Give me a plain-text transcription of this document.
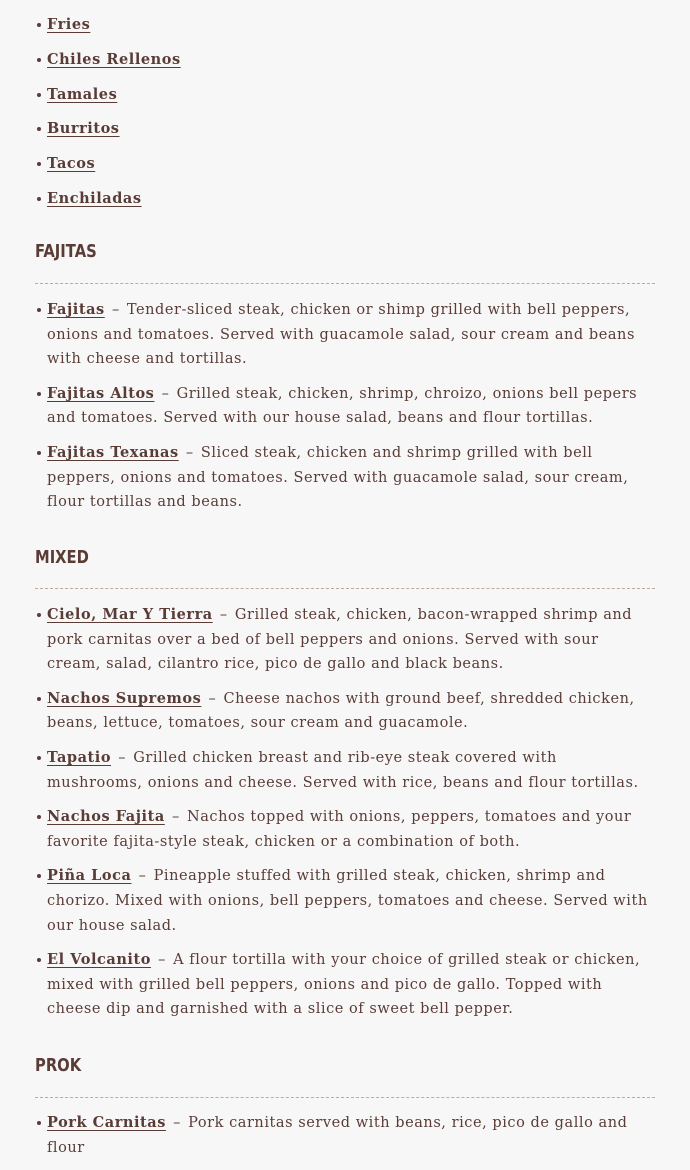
Fries
Chiles Rellenos
Tamales
Burritos
Tacos
Enchiladas
FAJITAS
Fajitas – Tender-sliced steak, chicken or shimp grilled with bell peppers, onions and tomatoes. Served with guacamole salad, sour cream and beans with cheese and tortillas.
Fajitas Altos – Grilled steak, chicken, shrimp, chroizo, onions bell pepers and tomatoes. Served with our house salad, beans and flour tortillas.
Fajitas Texanas – Sliced steak, chicken and shrimp grilled with bell peppers, onions and tomatoes. Served with guacamole salad, sour cream, flour tortillas and beans.
MIXED
Cielo, Mar Y Tierra – Grilled steak, chicken, bacon-wrapped shrimp and pork carnitas over a bed of bell peppers and onions. Served with sour cream, salad, cilantro rice, pico de gallo and black beans.
Nachos Supremos – Cheese nachos with ground beef, shredded chicken, beans, lettuce, tomatoes, sour cream and guacamole.
Tapatio – Grilled chicken breast and rib-eye steak covered with mushrooms, onions and cheese. Served with rice, beans and flour tortillas.
Nachos Fajita – Nachos topped with onions, peppers, tomatoes and your favorite fajita-style steak, chicken or a combination of both.
Piña Loca – Pineapple stuffed with grilled steak, chicken, shrimp and chorizo. Mixed with onions, bell peppers, tomatoes and cheese. Served with our house salad.
El Volcanito – A flour tortilla with your choice of grilled steak or chicken, mixed with grilled bell peppers, onions and pico de gallo. Topped with cheese dip and garnished with a slice of sweet bell pepper.
PROK
Pork Carnitas – Pork carnitas served with beans, rice, pico de gallo and flour
